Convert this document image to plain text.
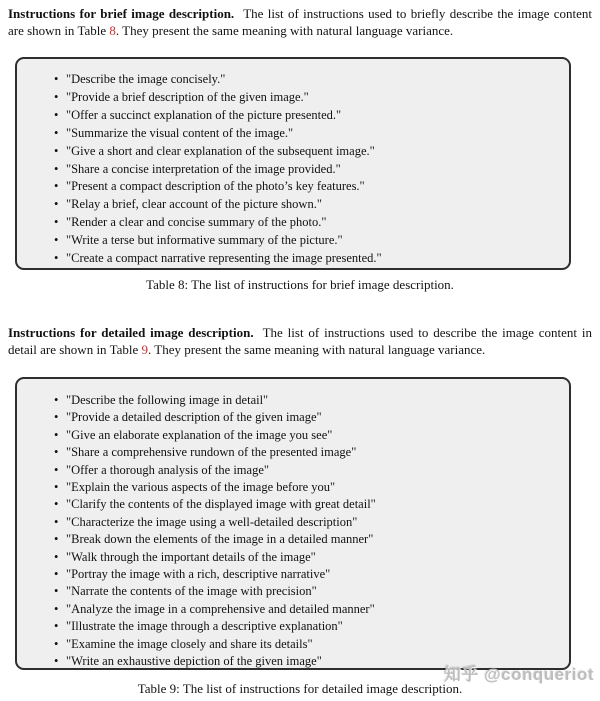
Instructions for brief image description. The list of instructions used to briefly describe the image content are shown in Table 8. They present the same meaning with natural language variance.

• "Describe the image concisely."
• "Provide a brief description of the given image."
• "Offer a succinct explanation of the picture presented."
• "Summarize the visual content of the image."
• "Give a short and clear explanation of the subsequent image."
• "Share a concise interpretation of the image provided."
• "Present a compact description of the photo’s key features."
• "Relay a brief, clear account of the picture shown."
• "Render a clear and concise summary of the photo."
• "Write a terse but informative summary of the picture."
• "Create a compact narrative representing the image presented."
Table 8: The list of instructions for brief image description.

Instructions for detailed image description. The list of instructions used to describe the image content in detail are shown in Table 9. They present the same meaning with natural language variance.

• "Describe the following image in detail"
• "Provide a detailed description of the given image"
• "Give an elaborate explanation of the image you see"
• "Share a comprehensive rundown of the presented image"
• "Offer a thorough analysis of the image"
• "Explain the various aspects of the image before you"
• "Clarify the contents of the displayed image with great detail"
• "Characterize the image using a well-detailed description"
• "Break down the elements of the image in a detailed manner"
• "Walk through the important details of the image"
• "Portray the image with a rich, descriptive narrative"
• "Narrate the contents of the image with precision"
• "Analyze the image in a comprehensive and detailed manner"
• "Illustrate the image through a descriptive explanation"
• "Examine the image closely and share its details"
• "Write an exhaustive depiction of the given image"
Table 9: The list of instructions for detailed image description.
知乎 @conqueriot
